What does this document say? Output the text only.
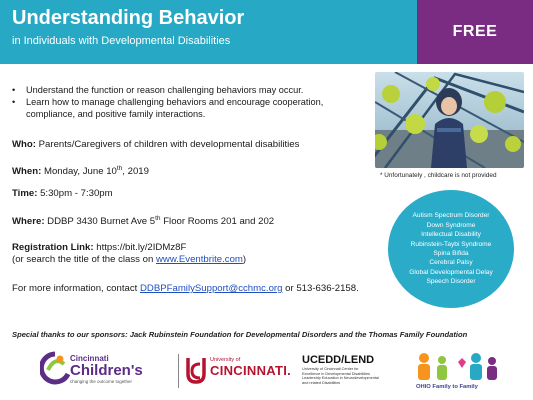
Understanding Behavior
in Individuals with Developmental Disabilities
FREE
•	Understand the function or reason challenging behaviors may occur.
•	Learn how to manage challenging behaviors and encourage cooperation, compliance, and positive family interactions.
Who: Parents/Caregivers of children with developmental disabilities
When: Monday, June 10th, 2019
Time: 5:30pm - 7:30pm
Where: DDBP 3430 Burnet Ave 5th Floor Rooms 201 and 202
Registration Link: https://bit.ly/2IDMz8F
(or search the title of the class on www.Eventbrite.com)
For more information, contact DDBPFamilySupport@cchmc.org or 513-636-2158.
* Unfortunately , childcare is not provided
Autism Spectrum Disorder
Down Syndrome
Intellectual Disability
Rubinstein-Taybi Syndrome
Spina Bifida
Cerebral Palsy
Global Developmental Delay
Speech Disorder
Special thanks to our sponsors: Jack Rubinstein Foundation for Developmental Disorders and the Thomas Family Foundation
Cincinnati
Children's
changing the outcome together
University of
CINCINNATI.
UCEDD/LEND
University of Cincinnati Center for
Excellence in Developmental Disabilities
Leadership Education in Neurodevelopmental
and related Disabilities
OHIO Family to Family
